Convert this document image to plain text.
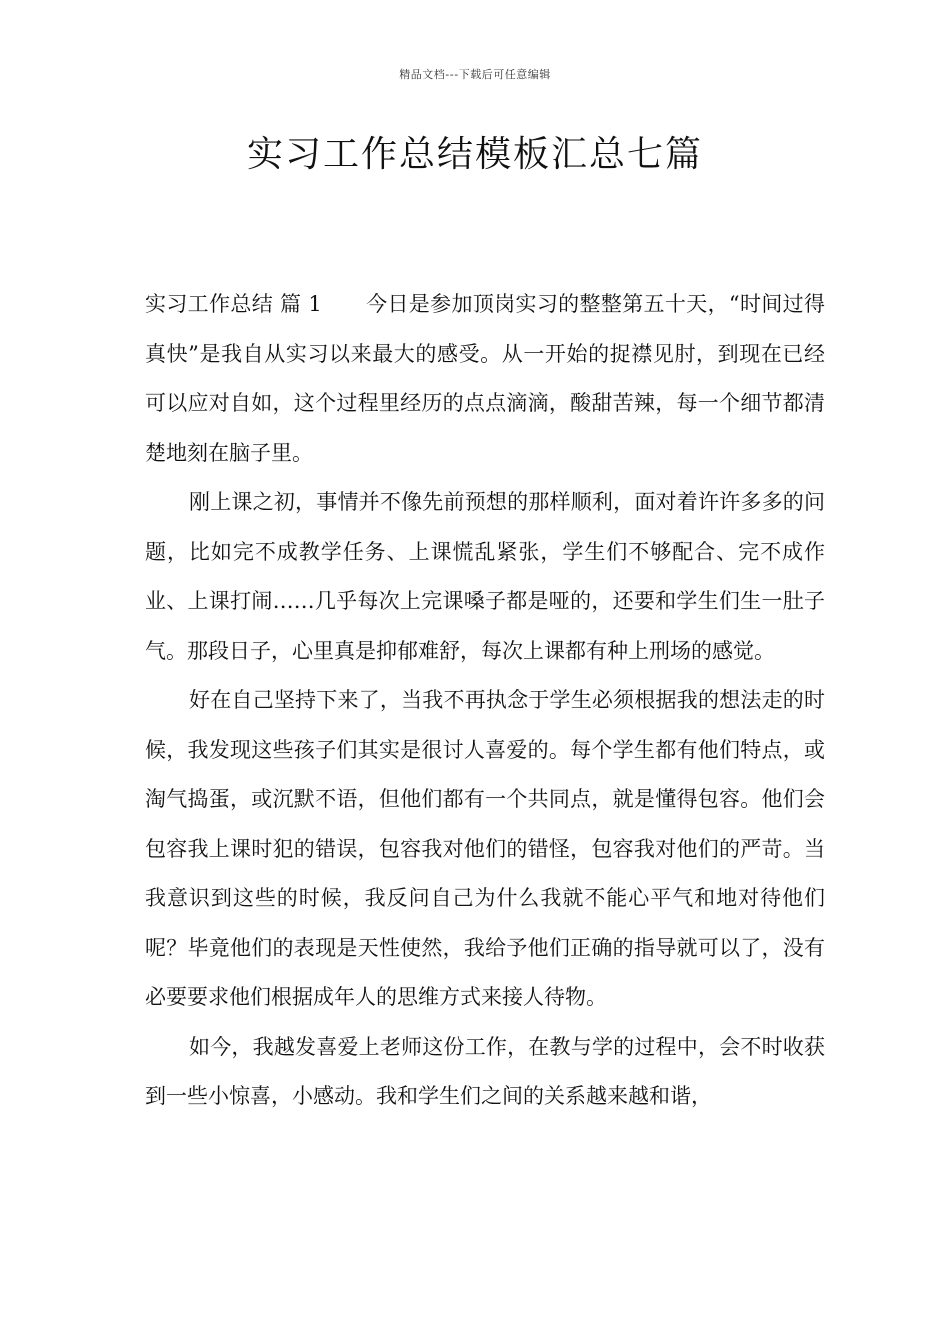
精品文档---下载后可任意编辑
实习工作总结模板汇总七篇

实习工作总结 篇 1 今日是参加顶岗实习的整整第五十天，“时间过得真快”是我自从实习以来最大的感受。从一开始的捉襟见肘，到现在已经可以应对自如，这个过程里经历的点点滴滴，酸甜苦辣，每一个细节都清楚地刻在脑子里。

刚上课之初，事情并不像先前预想的那样顺利，面对着许许多多的问题，比如完不成教学任务、上课慌乱紧张，学生们不够配合、完不成作业、上课打闹……几乎每次上完课嗓子都是哑的，还要和学生们生一肚子气。那段日子，心里真是抑郁难舒，每次上课都有种上刑场的感觉。

好在自己坚持下来了，当我不再执念于学生必须根据我的想法走的时候，我发现这些孩子们其实是很讨人喜爱的。每个学生都有他们特点，或淘气捣蛋，或沉默不语，但他们都有一个共同点，就是懂得包容。他们会包容我上课时犯的错误，包容我对他们的错怪，包容我对他们的严苛。当我意识到这些的时候，我反问自己为什么我就不能心平气和地对待他们呢？毕竟他们的表现是天性使然，我给予他们正确的指导就可以了，没有必要要求他们根据成年人的思维方式来接人待物。

如今，我越发喜爱上老师这份工作，在教与学的过程中，会不时收获到一些小惊喜，小感动。我和学生们之间的关系越来越和谐，
